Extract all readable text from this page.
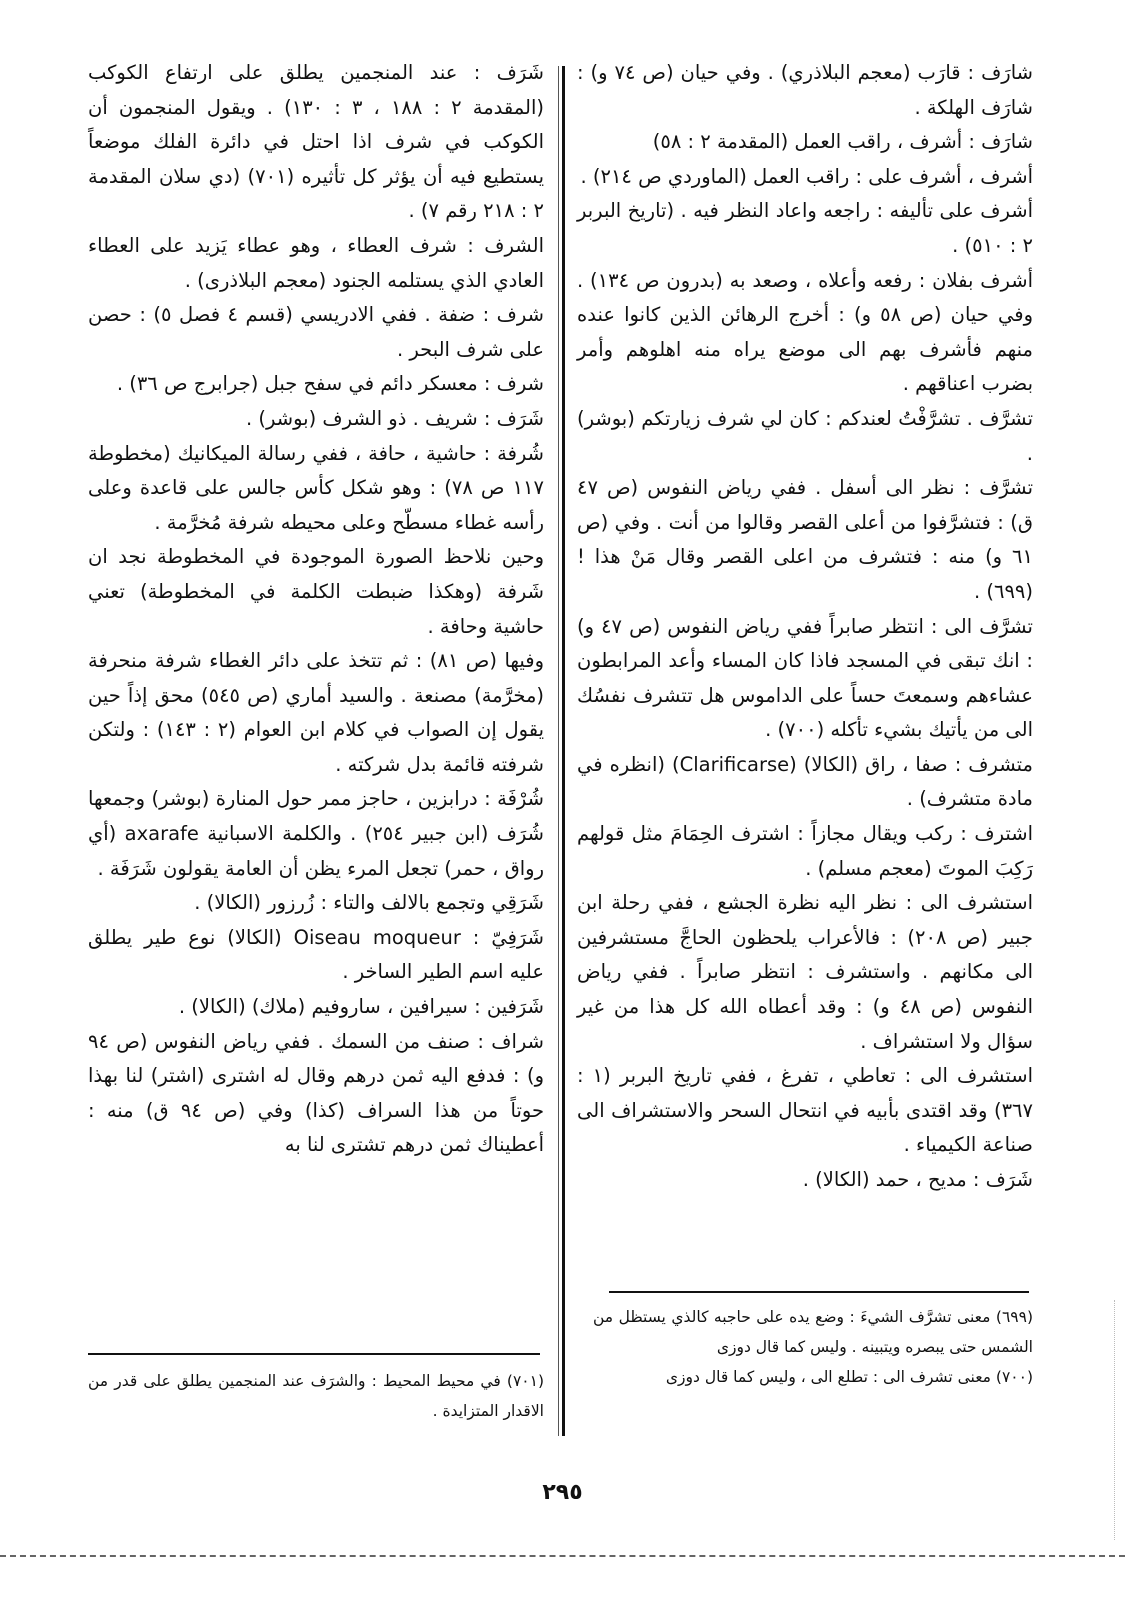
شارَف : قارَب (معجم البلاذري) . وفي حيان (ص ٧٤ و) : شارَف الهلكة .

شارَف : أشرف ، راقب العمل (المقدمة ٢ : ٥٨)

أشرف ، أشرف على : راقب العمل (الماوردي ص ٢١٤) .

أشرف على تأليفه : راجعه واعاد النظر فيه . (تاريخ البربر ٢ : ٥١٠) .

أشرف بفلان : رفعه وأعلاه ، وصعد به (بدرون ص ١٣٤) . وفي حيان (ص ٥٨ و) : أخرج الرهائن الذين كانوا عنده منهم فأشرف بهم الى موضع يراه منه اهلوهم وأمر بضرب اعناقهم .

تشرَّف . تشرَّفْتُ لعندكم : كان لي شرف زيارتكم (بوشر) .

تشرَّف : نظر الى أسفل . ففي رياض النفوس (ص ٤٧ ق) : فتشرَّفوا من أعلى القصر وقالوا من أنت . وفي (ص ٦١ و) منه : فتشرف من اعلى القصر وقال مَنْ هذا ! (٦٩٩) .

تشرَّف الى : انتظر صابراً ففي رياض النفوس (ص ٤٧ و) : انك تبقى في المسجد فاذا كان المساء وأعد المرابطون عشاءهم وسمعتَ حساً على الداموس هل تتشرف نفسُك الى من يأتيك بشيء تأكله (٧٠٠) .

متشرف : صفا ، راق (الكالا) (Clarificarse) (انظره في مادة متشرف) .

اشترف : ركب ويقال مجازاً : اشترف الحِمَامَ مثل قولهم رَكِبَ الموتَ (معجم مسلم) .

استشرف الى : نظر اليه نظرة الجشع ، ففي رحلة ابن جبير (ص ٢٠٨) : فالأعراب يلحظون الحاجَّ مستشرفين الى مكانهم . واستشرف : انتظر صابراً . ففي رياض النفوس (ص ٤٨ و) : وقد أعطاه الله كل هذا من غير سؤال ولا استشراف .

استشرف الى : تعاطي ، تفرغ ، ففي تاريخ البربر (١ : ٣٦٧) وقد اقتدى بأبيه في انتحال السحر والاستشراف الى صناعة الكيمياء .

شَرَف : مديح ، حمد (الكالا) .

شَرَف : عند المنجمين يطلق على ارتفاع الكوكب (المقدمة ٢ : ١٨٨ ، ٣ : ١٣٠) . ويقول المنجمون أن الكوكب في شرف اذا احتل في دائرة الفلك موضعاً يستطيع فيه أن يؤثر كل تأثيره (٧٠١) (دي سلان المقدمة ٢ : ٢١٨ رقم ٧) .

الشرف : شرف العطاء ، وهو عطاء يَزيد على العطاء العادي الذي يستلمه الجنود (معجم البلاذرى) .

شرف : ضفة . ففي الادريسي (قسم ٤ فصل ٥) : حصن على شرف البحر .

شرف : معسكر دائم في سفح جبل (جرابرج ص ٣٦) .

شَرَف : شريف . ذو الشرف (بوشر) .

شُرفة : حاشية ، حافة ، ففي رسالة الميكانيك (مخطوطة ١١٧ ص ٧٨) : وهو شكل كأس جالس على قاعدة وعلى رأسه غطاء مسطّح وعلى محيطه شرفة مُخرَّمة .

وحين نلاحظ الصورة الموجودة في المخطوطة نجد ان شَرفة (وهكذا ضبطت الكلمة في المخطوطة) تعني حاشية وحافة .

وفيها (ص ٨١) : ثم تتخذ على دائر الغطاء شرفة منحرفة (مخرَّمة) مصنعة . والسيد أماري (ص ٥٤٥) محق إذاً حين يقول إن الصواب في كلام ابن العوام (٢ : ١٤٣) : ولتكن شرفته قائمة بدل شركته .

شُرْفَة : درابزين ، حاجز ممر حول المنارة (بوشر) وجمعها شُرَف (ابن جبير ٢٥٤) . والكلمة الاسبانية axarafe (أي رواق ، حمر) تجعل المرء يظن أن العامة يقولون شَرَفَة .

شَرَقِي وتجمع بالالف والتاء : زُرزور (الكالا) .

شَرَفِيّ : Oiseau moqueur (الكالا) نوع طير يطلق عليه اسم الطير الساخر .

شَرَفين : سيرافين ، ساروفيم (ملاك) (الكالا) .

شراف : صنف من السمك . ففي رياض النفوس (ص ٩٤ و) : فدفع اليه ثمن درهم وقال له اشترى (اشتر) لنا بهذا حوتاً من هذا السراف (كذا) وفي (ص ٩٤ ق) منه : أعطيناك ثمن درهم تشترى لنا به

(٦٩٩) معنى تشرَّف الشيءَ : وضع يده على حاجبه كالذي يستظل من الشمس حتى يبصره ويتبينه . وليس كما قال دوزى

(٧٠٠) معنى تشرف الى : تطلع الى ، وليس كما قال دوزى

(٧٠١) في محيط المحيط : والشرَف عند المنجمين يطلق على قدر من الاقدار المتزايدة .

٢٩٥
